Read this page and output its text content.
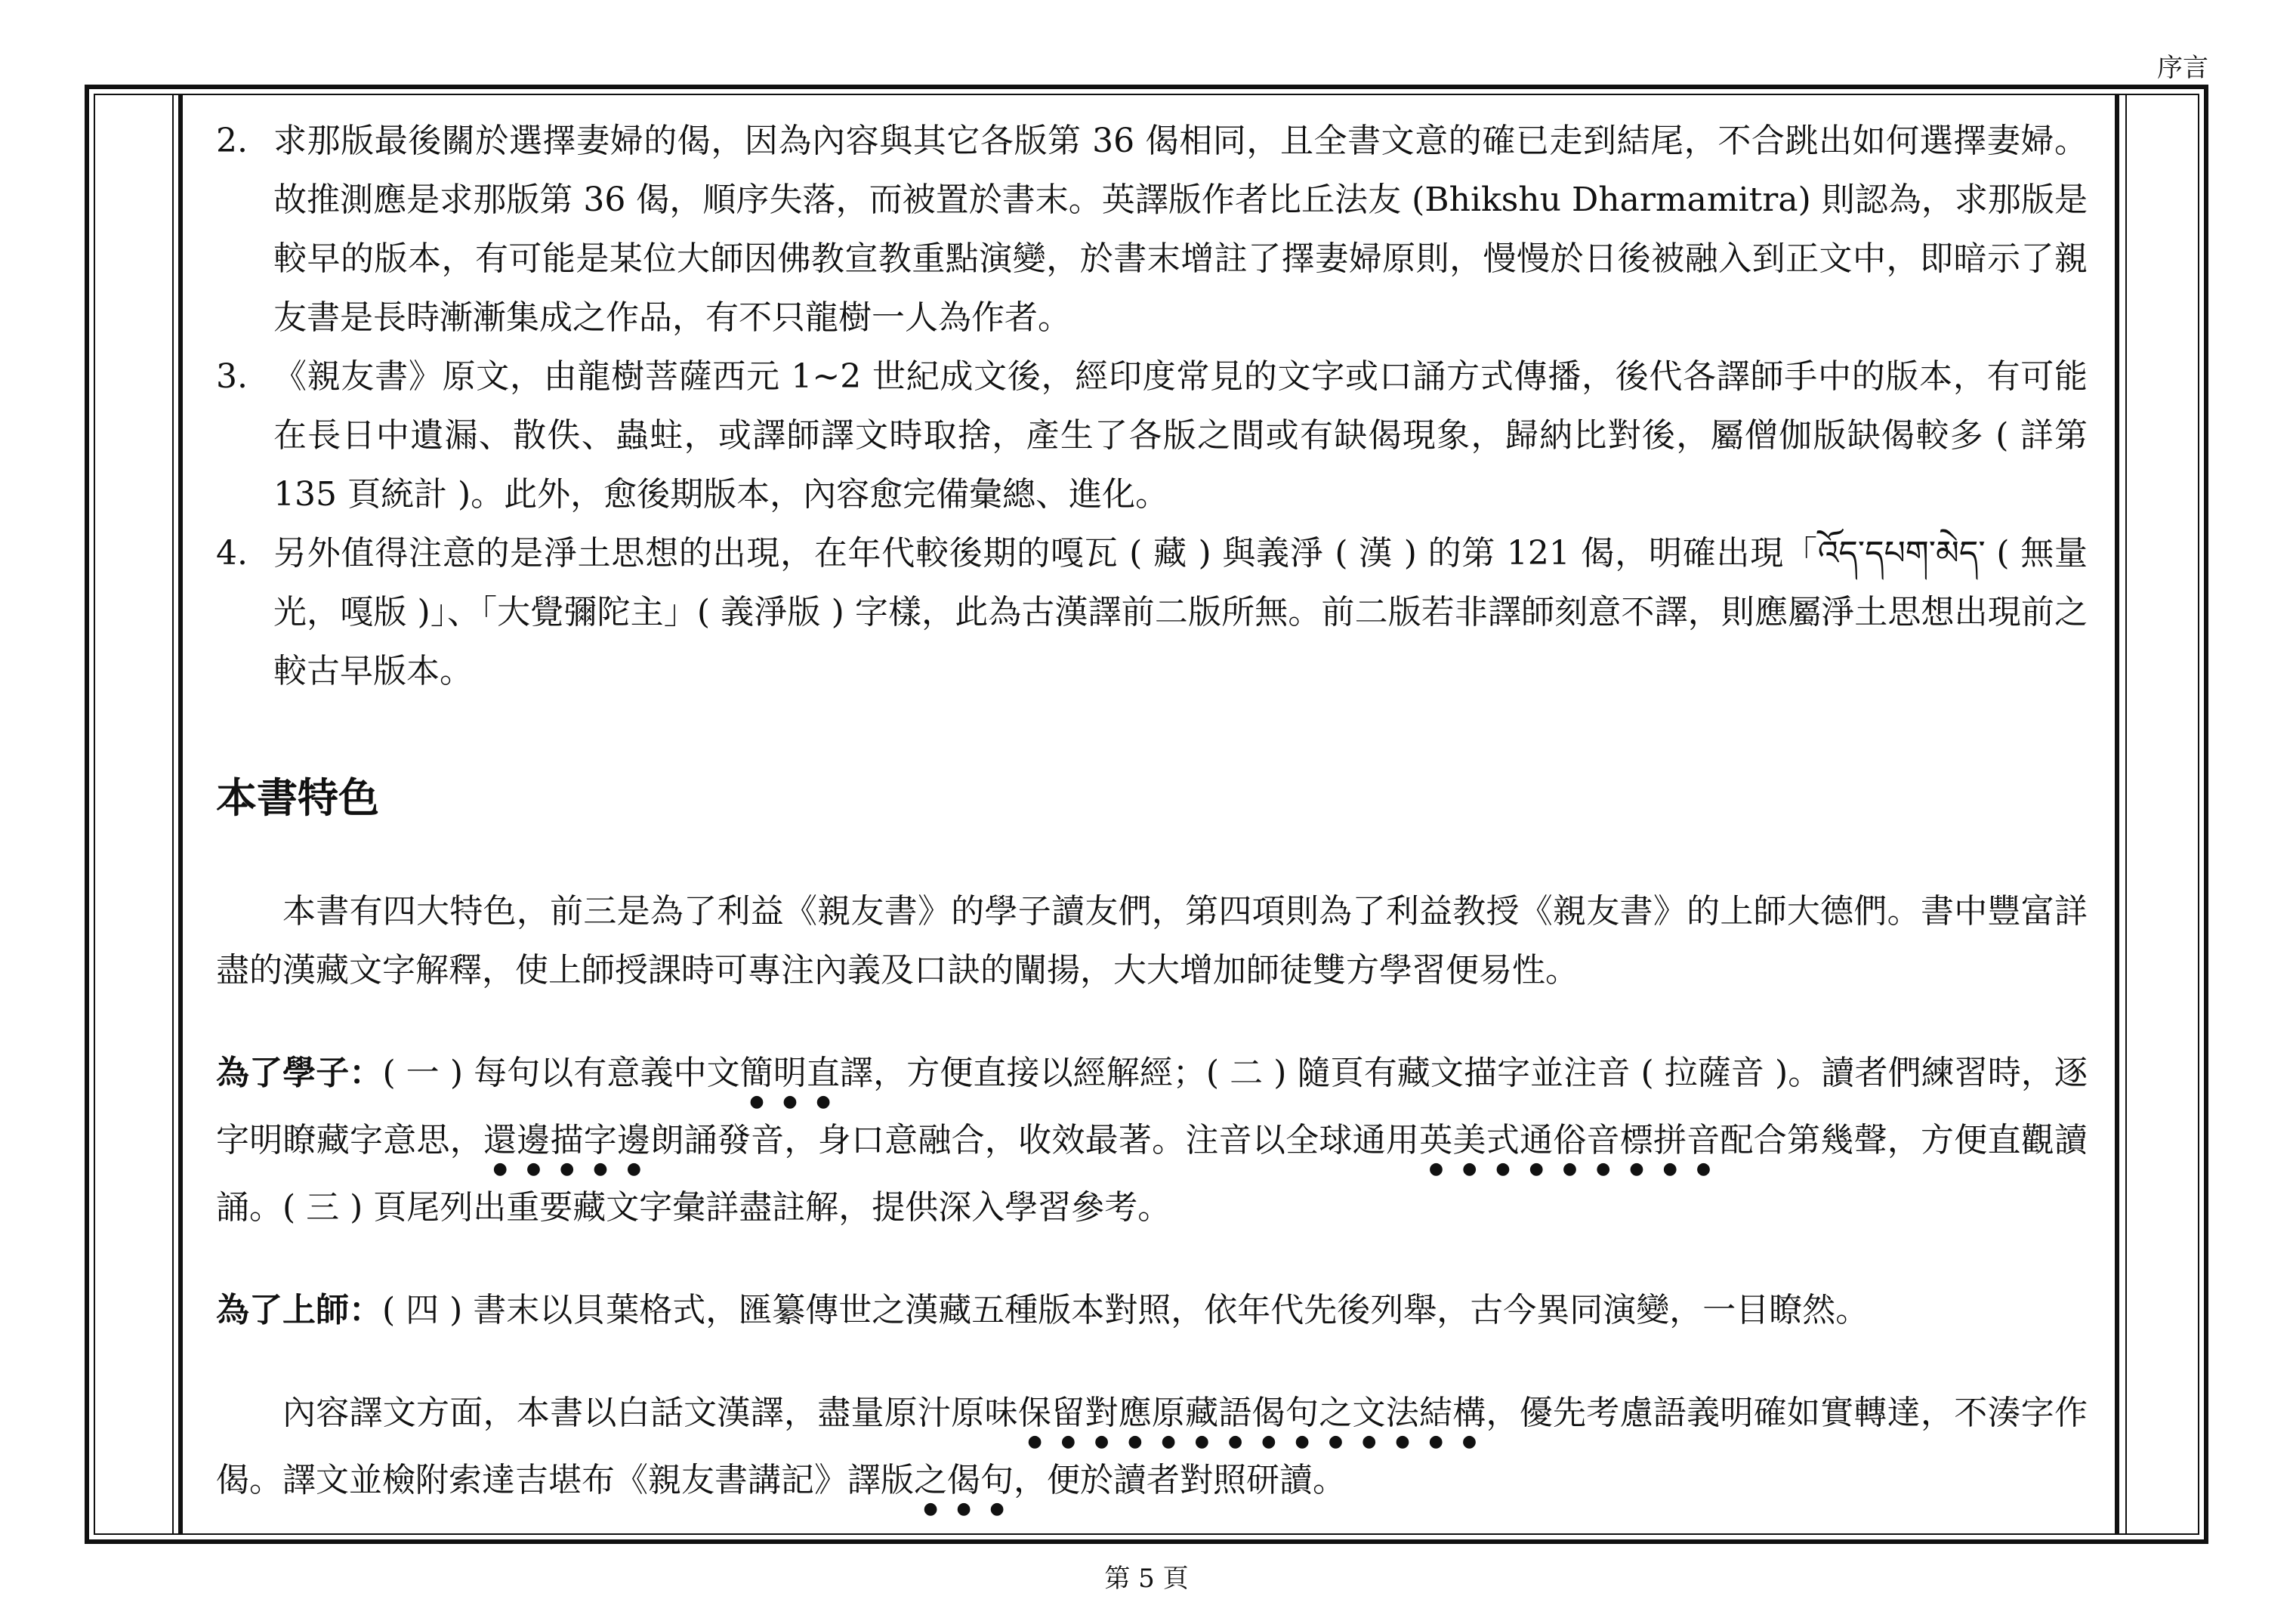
序言
2. 求那版最後關於選擇妻婦的偈，因為內容與其它各版第 36 偈相同，且全書文意的確已走到結尾，不合跳出如何選擇妻婦。故推測應是求那版第 36 偈，順序失落，而被置於書末。英譯版作者比丘法友 (Bhikshu Dharmamitra) 則認為，求那版是較早的版本，有可能是某位大師因佛教宣教重點演變，於書末增註了擇妻婦原則，慢慢於日後被融入到正文中，即暗示了親友書是長時漸漸集成之作品，有不只龍樹一人為作者。
3. 《親友書》原文，由龍樹菩薩西元 1~2 世紀成文後，經印度常見的文字或口誦方式傳播，後代各譯師手中的版本，有可能在長日中遺漏、散佚、蟲蛀，或譯師譯文時取捨，產生了各版之間或有缺偈現象，歸納比對後，屬僧伽版缺偈較多 ( 詳第 135 頁統計 )。此外，愈後期版本，內容愈完備彙總、進化。
4. 另外值得注意的是淨土思想的出現，在年代較後期的嘎瓦 ( 藏 ) 與義淨 ( 漢 ) 的第 121 偈，明確出現「འོད་དཔག་མེད་ ( 無量光，嘎版 )」、「大覺彌陀主」( 義淨版 ) 字樣，此為古漢譯前二版所無。前二版若非譯師刻意不譯，則應屬淨土思想出現前之較古早版本。
本書特色
本書有四大特色，前三是為了利益《親友書》的學子讀友們，第四項則為了利益教授《親友書》的上師大德們。書中豐富詳盡的漢藏文字解釋，使上師授課時可專注內義及口訣的闡揚，大大增加師徒雙方學習便易性。
為了學子：( 一 ) 每句以有意義中文簡明直譯，方便直接以經解經；( 二 ) 隨頁有藏文描字並注音 ( 拉薩音 )。讀者們練習時，逐字明瞭藏字意思，還邊描字邊朗誦發音，身口意融合，收效最著。注音以全球通用英美式通俗音標拼音配合第幾聲，方便直觀讀誦。( 三 ) 頁尾列出重要藏文字彙詳盡註解，提供深入學習參考。
為了上師：( 四 ) 書末以貝葉格式，匯纂傳世之漢藏五種版本對照，依年代先後列舉，古今異同演變，一目瞭然。
內容譯文方面，本書以白話文漢譯，盡量原汁原味保留對應原藏語偈句之文法結構，優先考慮語義明確如實轉達，不湊字作偈。譯文並檢附索達吉堪布《親友書講記》譯版之偈句，便於讀者對照研讀。
第 5 頁
